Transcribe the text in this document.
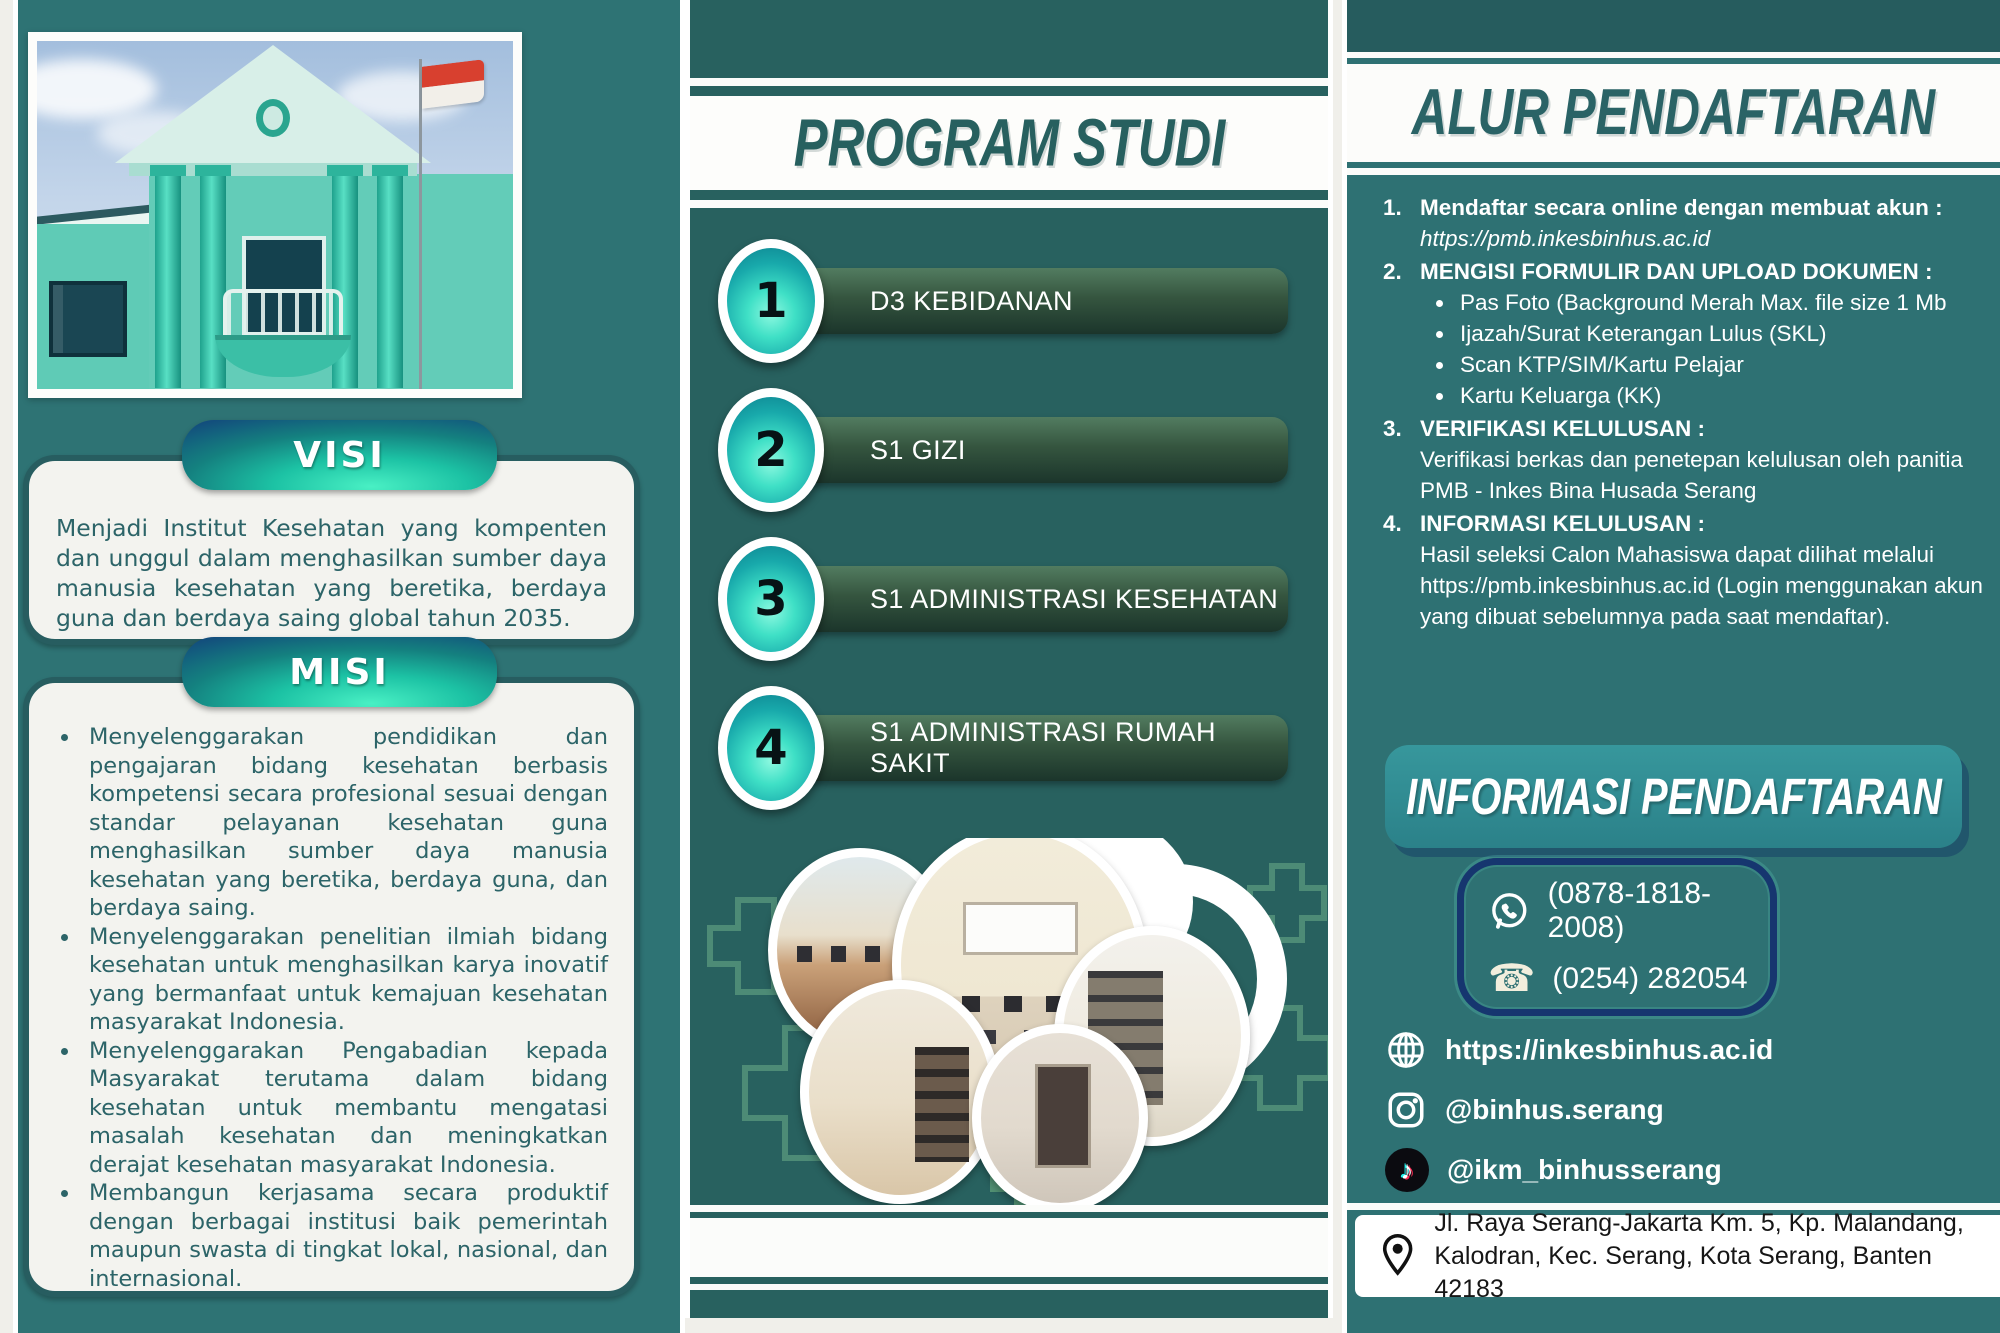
VISI

Menjadi Institut Kesehatan yang kompenten dan unggul dalam menghasilkan sumber daya manusia kesehatan yang beretika, berdaya guna dan berdaya saing global tahun 2035.

MISI
• Menyelenggarakan pendidikan dan pengajaran bidang kesehatan berbasis kompetensi secara profesional sesuai dengan standar pelayanan kesehatan guna menghasilkan sumber daya manusia kesehatan yang beretika, berdaya guna, dan berdaya saing.
• Menyelenggarakan penelitian ilmiah bidang kesehatan untuk menghasilkan karya inovatif yang bermanfaat untuk kemajuan kesehatan masyarakat Indonesia.
• Menyelenggarakan Pengabadian kepada Masyarakat terutama dalam bidang kesehatan untuk membantu mengatasi masalah kesehatan dan meningkatkan derajat kesehatan masyarakat Indonesia.
• Membangun kerjasama secara produktif dengan berbagai institusi baik pemerintah maupun swasta di tingkat lokal, nasional, dan internasional.
PROGRAM STUDI
D3 KEBIDANAN
1
S1 GIZI
2
S1 ADMINISTRASI KESEHATAN
3
S1 ADMINISTRASI RUMAH SAKIT
4
ALUR PENDAFTARAN
1. Mendaftar secara online dengan membuat akun :
https://pmb.inkesbinhus.ac.id
2. MENGISI FORMULIR DAN UPLOAD DOKUMEN :
• Pas Foto (Background Merah Max. file size 1 Mb
• Ijazah/Surat Keterangan Lulus (SKL)
• Scan KTP/SIM/Kartu Pelajar
• Kartu Keluarga (KK)
3. VERIFIKASI KELULUSAN :
Verifikasi berkas dan penetepan kelulusan oleh panitia PMB - Inkes Bina Husada Serang
4. INFORMASI KELULUSAN :
Hasil seleksi Calon Mahasiswa dapat dilihat melalui https://pmb.inkesbinhus.ac.id (Login menggunakan akun yang dibuat sebelumnya pada saat mendaftar).
INFORMASI PENDAFTARAN
(0878-1818-2008)
☎ (0254) 282054
https://inkesbinhus.ac.id
@binhus.serang
♪ @ikm_binhusserang
Jl. Raya Serang-Jakarta Km. 5, Kp. Malandang,
Kalodran, Kec. Serang, Kota Serang, Banten 42183
